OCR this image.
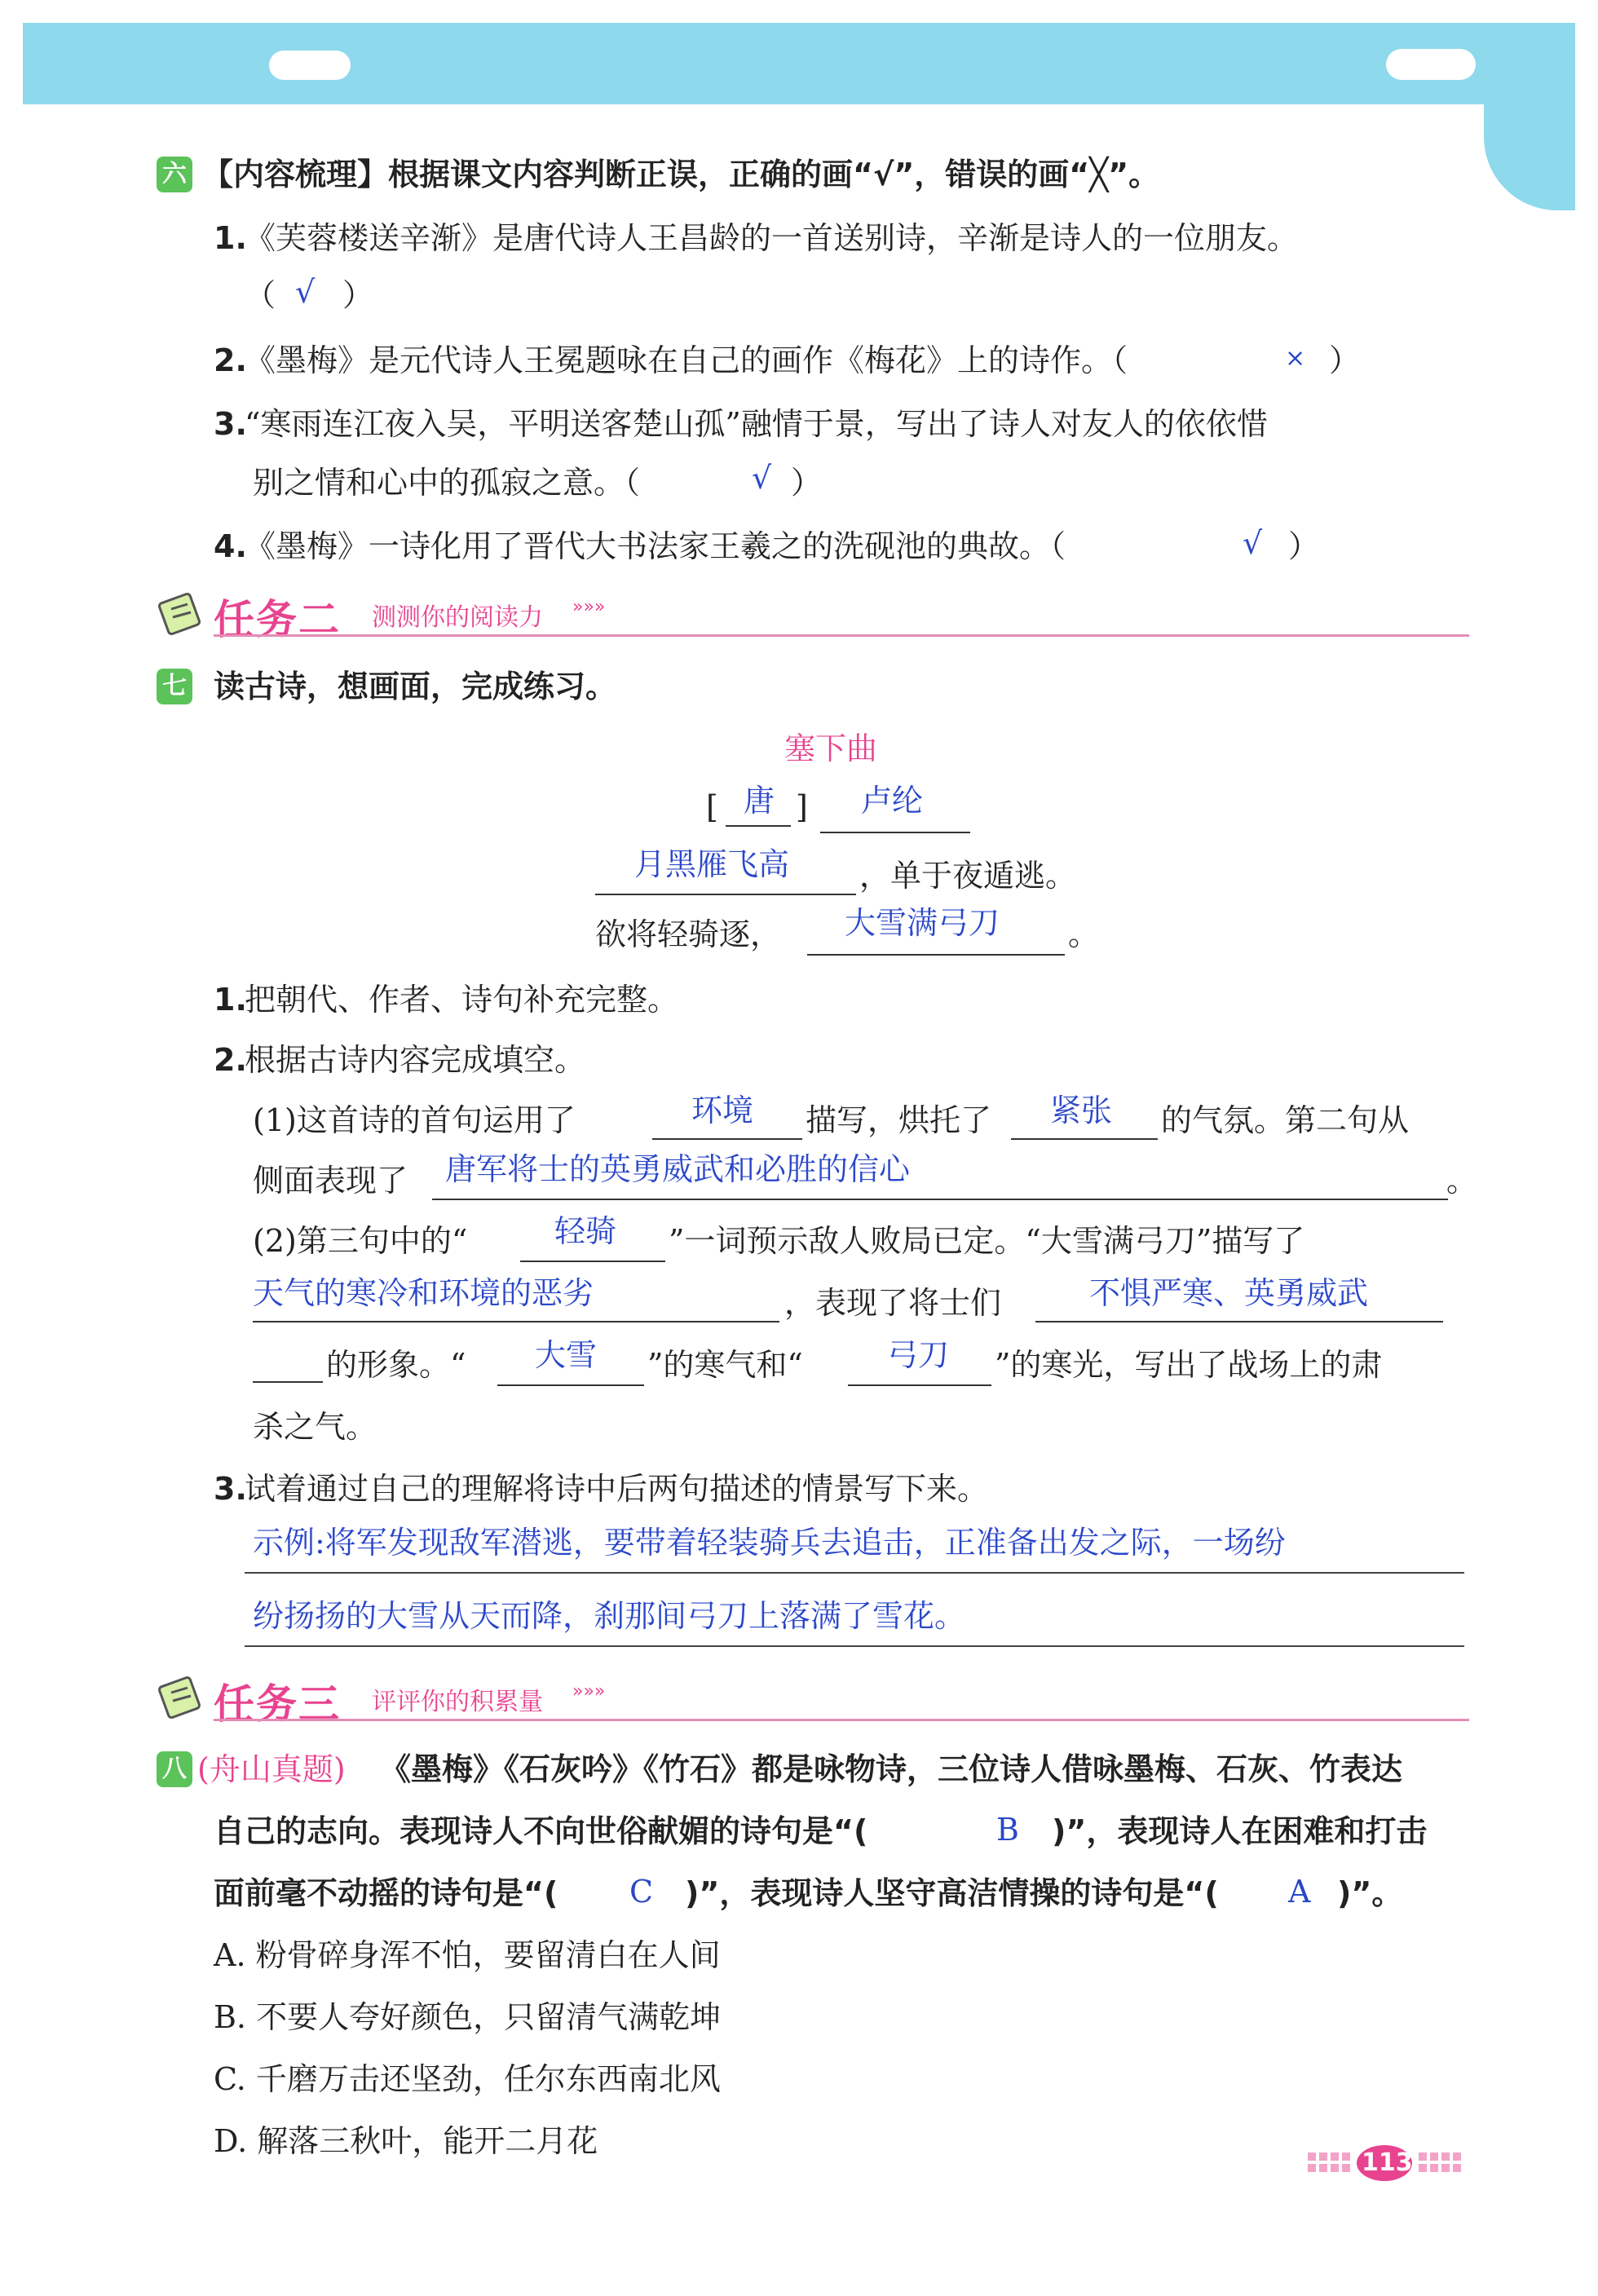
六 【内容梳理】根据课文内容判断正误，正确的画“√”，错误的画“╳”。
1.
《芙蓉楼送辛渐》是唐代诗人王昌龄的一首送别诗，辛渐是诗人的一位朋友。
（ √ ）
2.
《墨梅》是元代诗人王冕题咏在自己的画作《梅花》上的诗作。（	× ）
3.
“寒雨连江夜入吴，平明送客楚山孤”融情于景，写出了诗人对友人的依依惜
别之情和心中的孤寂之意。（	√ ）
4.
《墨梅》一诗化用了晋代大书法家王羲之的洗砚池的典故。（	√ ）
任务二 测测你的阅读力 »»»
七 读古诗，想画面，完成练习。
塞下曲
[ 唐 ] 卢纶
月黑雁飞高 ，单于夜遁逃。
欲将轻骑逐， 大雪满弓刀 。
1.
把朝代、作者、诗句补充完整。
2.
根据古诗内容完成填空。
(1)这首诗的首句运用了	环境 描写，烘托了 紧张 的气氛。第二句从
侧面表现了 唐军将士的英勇威武和必胜的信心	。
(2)第三句中的“	轻骑 ”一词预示敌人败局已定。“大雪满弓刀”描写了
天气的寒冷和环境的恶劣	，表现了将士们	不惧严寒、英勇威武
的形象。“ 大雪 ”的寒气和“	弓刀 ”的寒光，写出了战场上的肃
杀之气。
3.
试着通过自己的理解将诗中后两句描述的情景写下来。
示例:将军发现敌军潜逃，要带着轻装骑兵去追击，正准备出发之际，一场纷
纷扬扬的大雪从天而降，刹那间弓刀上落满了雪花。
任务三 评评你的积累量 »»»
八 (舟山真题) 《墨梅》《石灰吟》《竹石》都是咏物诗，三位诗人借咏墨梅、石灰、竹表达
自己的志向。表现诗人不向世俗献媚的诗句是“(	B )”，表现诗人在困难和打击
面前毫不动摇的诗句是“( C )”，表现诗人坚守高洁情操的诗句是“( A )”。
A. 粉骨碎身浑不怕，要留清白在人间
B. 不要人夸好颜色，只留清气满乾坤
C. 千磨万击还坚劲，任尔东西南北风
D. 解落三秋叶，能开二月花
113
